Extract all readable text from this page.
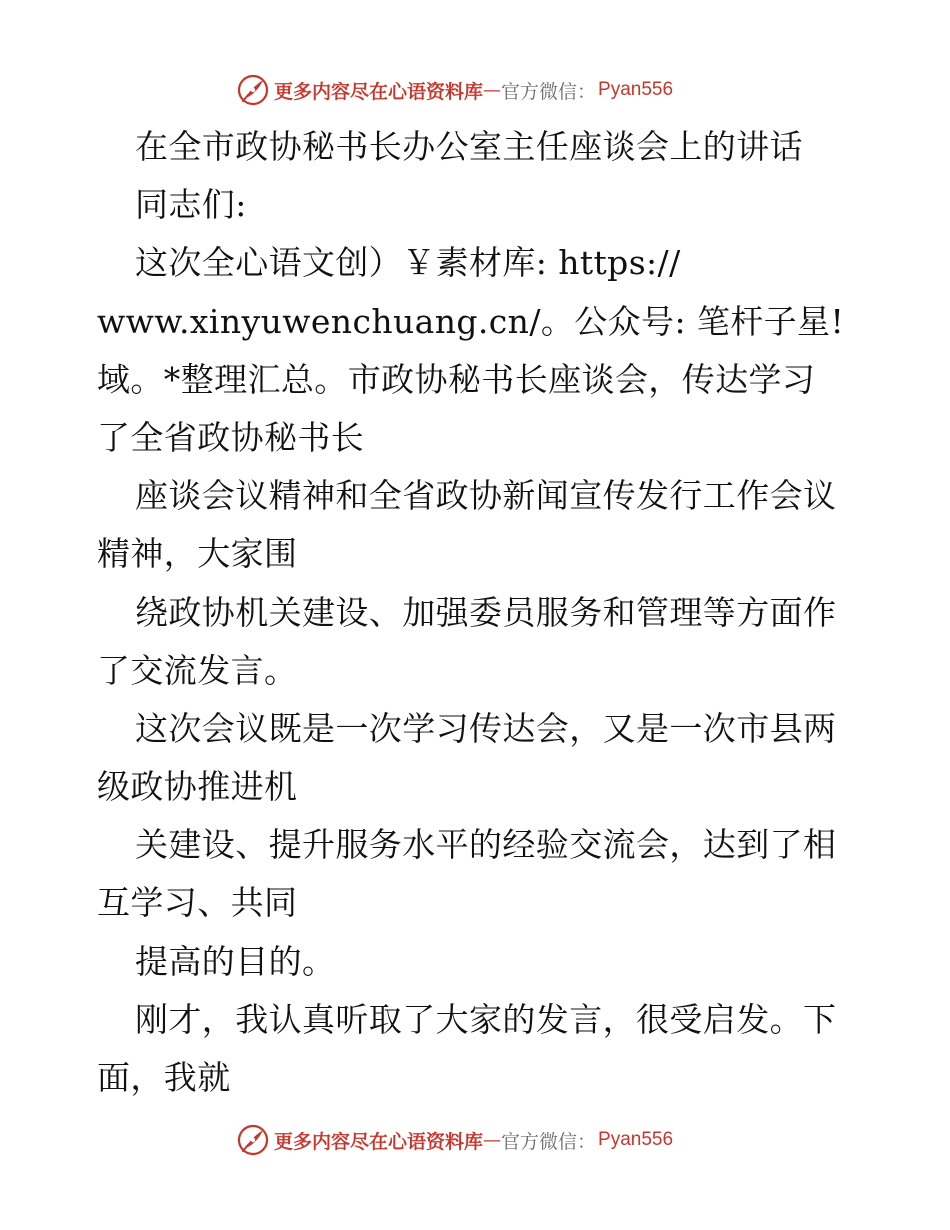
更多内容尽在心语资料库 — 官方微信： Pyan556
在全市政协秘书长办公室主任座谈会上的讲话
同志们:
这次全心语文创）￥素材库: https://
www.xinyuwenchuang.cn/。公众号: 笔杆子星!
域。*整理汇总。市政协秘书长座谈会，传达学习
了全省政协秘书长
座谈会议精神和全省政协新闻宣传发行工作会议
精神，大家围
绕政协机关建设、加强委员服务和管理等方面作
了交流发言。
这次会议既是一次学习传达会，又是一次市县两
级政协推进机
关建设、提升服务水平的经验交流会，达到了相
互学习、共同
提高的目的。
刚才，我认真听取了大家的发言，很受启发。下
面，我就
更多内容尽在心语资料库 — 官方微信： Pyan556
